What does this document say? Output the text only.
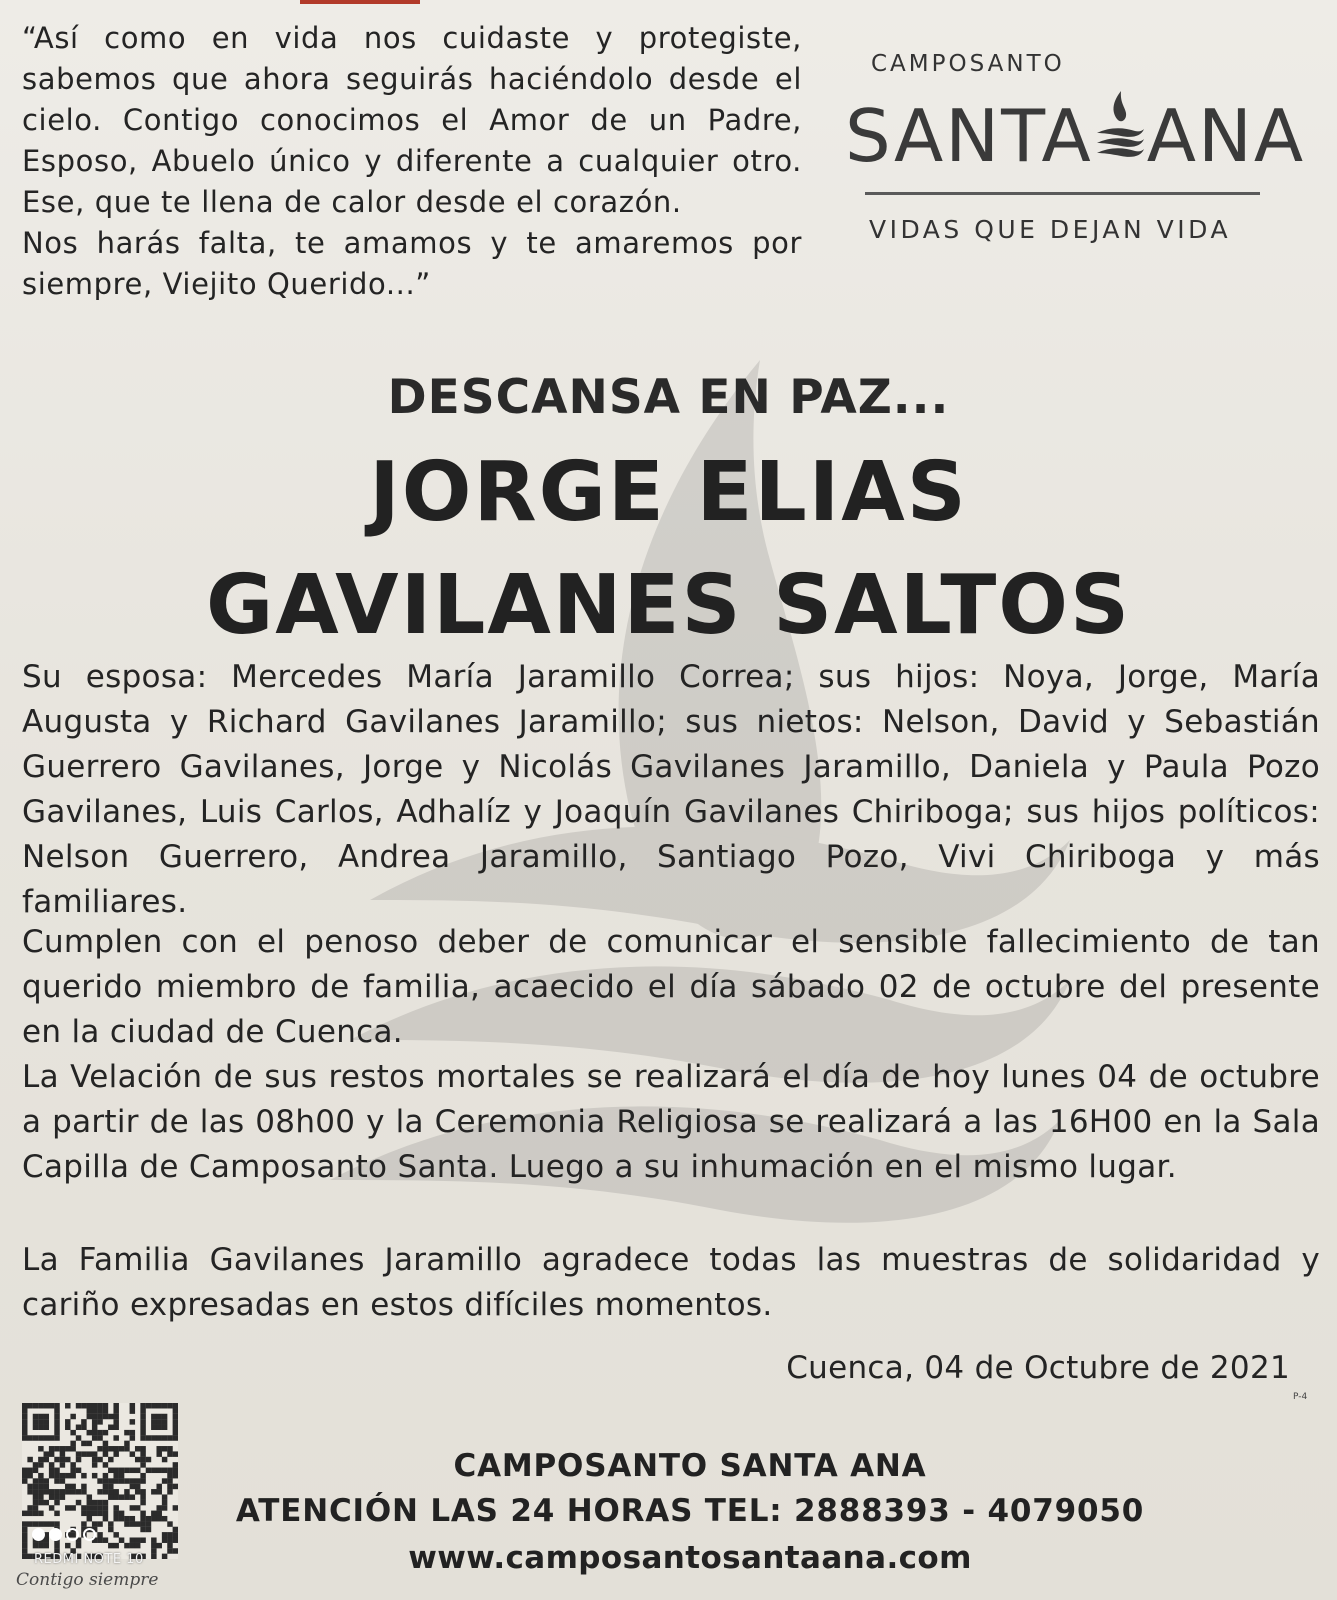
“Así como en vida nos cuidaste y protegiste, sabemos que ahora seguirás haciéndolo desde el cielo. Contigo conocimos el Amor de un Padre, Esposo, Abuelo único y diferente a cualquier otro. Ese, que te llena de calor desde el corazón.

Nos harás falta, te amamos y te amaremos por siempre, Viejito Querido...”

CAMPOSANTO
SANTA ANA
VIDAS QUE DEJAN VIDA
DESCANSA EN PAZ...
JORGE ELIAS
GAVILANES SALTOS

Su esposa: Mercedes María Jaramillo Correa; sus hijos: Noya, Jorge, María Augusta y Richard Gavilanes Jaramillo; sus nietos: Nelson, David y Sebastián Guerrero Gavilanes, Jorge y Nicolás Gavilanes Jaramillo, Daniela y Paula Pozo Gavilanes, Luis Carlos, Adhalíz y Joaquín Gavilanes Chiriboga; sus hijos políticos: Nelson Guerrero, Andrea Jaramillo, Santiago Pozo, Vivi Chiriboga y más familiares.

Cumplen con el penoso deber de comunicar el sensible fallecimiento de tan querido miembro de familia, acaecido el día sábado 02 de octubre del presente en la ciudad de Cuenca.

La Velación de sus restos mortales se realizará el día de hoy lunes 04 de octubre a partir de las 08h00 y la Ceremonia Religiosa se realizará a las 16H00 en la Sala Capilla de Camposanto Santa. Luego a su inhumación en el mismo lugar.

La Familia Gavilanes Jaramillo agradece todas las muestras de solidaridad y cariño expresadas en estos difíciles momentos.

Cuenca, 04 de Octubre de 2021

P-4

CAMPOSANTO SANTA ANA

ATENCIÓN LAS 24 HORAS TEL: 2888393 - 4079050

www.camposantosantaana.com

REDMI NOTE 10

Contigo siempre
